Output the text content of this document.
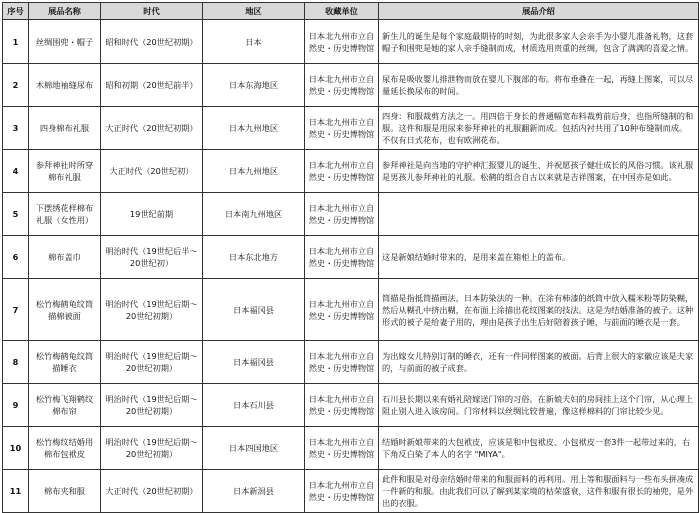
序号	展品名称	时代	地区	收藏单位	展品介绍
1	丝绸围兜・帽子	昭和时代（20世纪初期）	日本	日本北九州市立自然史・历史博物馆	新生儿的诞生是每个家庭最期待的时刻，为此很多家人会亲手为小婴儿准备礼物，这套帽子和围兜是她的家人亲手缝制而成，材质选用贵重的丝绸，包含了满满的喜爱之情。
2	木棉地袖缝尿布	昭和初期（20世纪前半）	日本东海地区	日本北九州市立自然史・历史博物馆	尿布是吸收婴儿排泄物而放在婴儿下腹部的布。将布垂叠在一起，再缝上图案，可以尽量延长换尿布的时间。
3	四身棉布礼服	大正时代（20世纪初期）	日本九州地区	日本北九州市立自然史・历史博物馆	四身：和服裁剪方法之一。用四倍于身长的普通幅宽布料裁剪前后身，也指所缝制的和服。这件和服是用尿来参拜神社的礼服翻新而成。包括内衬共用了10种布缝制而成。不仅有日式花布，也有欧洲花布。
4	参拜神社时所穿棉布礼服	大正时代（20世纪初）	日本九州地区	日本北九州市立自然史・历史博物馆	参拜神社是向当地的守护神汇报婴儿的诞生、并祝愿孩子健壮成长的风俗习惯。该礼服是男孩儿参拜神社的礼服。松鹤的组合自古以来就是吉祥图案，在中国亦是如此。
5	下摆绣花样棉布礼服（女性用）	19世纪前期	日本南九州地区	日本北九州市立自然史・历史博物馆	
6	棉布盖巾	明治时代（19世纪后半～20世纪初）	日本东北地方	日本北九州市立自然史・历史博物馆	这是新娘结婚时带来的，是用来盖在箱柜上的盖布。
7	松竹梅鹤龟纹筒描棉被面	明治时代（19世纪后期～20世纪初期）	日本福冈县	日本北九州市立自然史・历史博物馆	筒描是指抵筒描画法，日本防染法的一种。在涂有柿漆的纸筒中放入糯米粉等防染糊，然后从糊孔中挤出糊，在布面上涂描出花纹图案的技法。这是为结婚准备的被子。这种形式的被子是给妻子用的，理由是孩子出生后好陪着孩子睡，与前面的睡衣是一套。
8	松竹梅鹤龟纹筒描睡衣	明治时代（19世纪后期～20世纪初期）	日本福冈县	日本北九州市立自然史・历史博物馆	为出嫁女儿特别订制的睡衣，还有一件同样图案的被面。后背上很大的家徽应该是夫家的，与前面的被子成套。
9	松竹梅飞翔鹤纹棉布帘	明治时代（19世纪后期～20世纪初期）	日本石川县	日本北九州市立自然史・历史博物馆	石川县长期以来有婚礼陪嫁送门帘的习俗。在新娘夫妇的房间挂上这个门帘，从心理上阻止别人进入该房间。门帘材料以丝绸比较普遍，像这样棉料的门帘比较少见。
10	松竹梅纹结婚用棉布包袱皮	明治时代（19世纪后期～20世纪初期）	日本四国地区	日本北九州市立自然史・历史博物馆	结婚时新娘带来的大包袱皮，应该是和中包袱皮、小包袱皮一套3件一起带过来的，右下角反白染了本人的名字 "MIYA"。
11	棉布夹和服	大正时代（20世纪初期）	日本新潟县	日本北九州市立自然史・历史博物馆	此件和服是对母亲结婚时带来的和服面料的再利用。用上等和服面料与一些布头拼凑成一件新的和服。由此我们可以了解到某家境的枯荣盛衰，这件和服有很长的袖兜，是外出的衣服。
